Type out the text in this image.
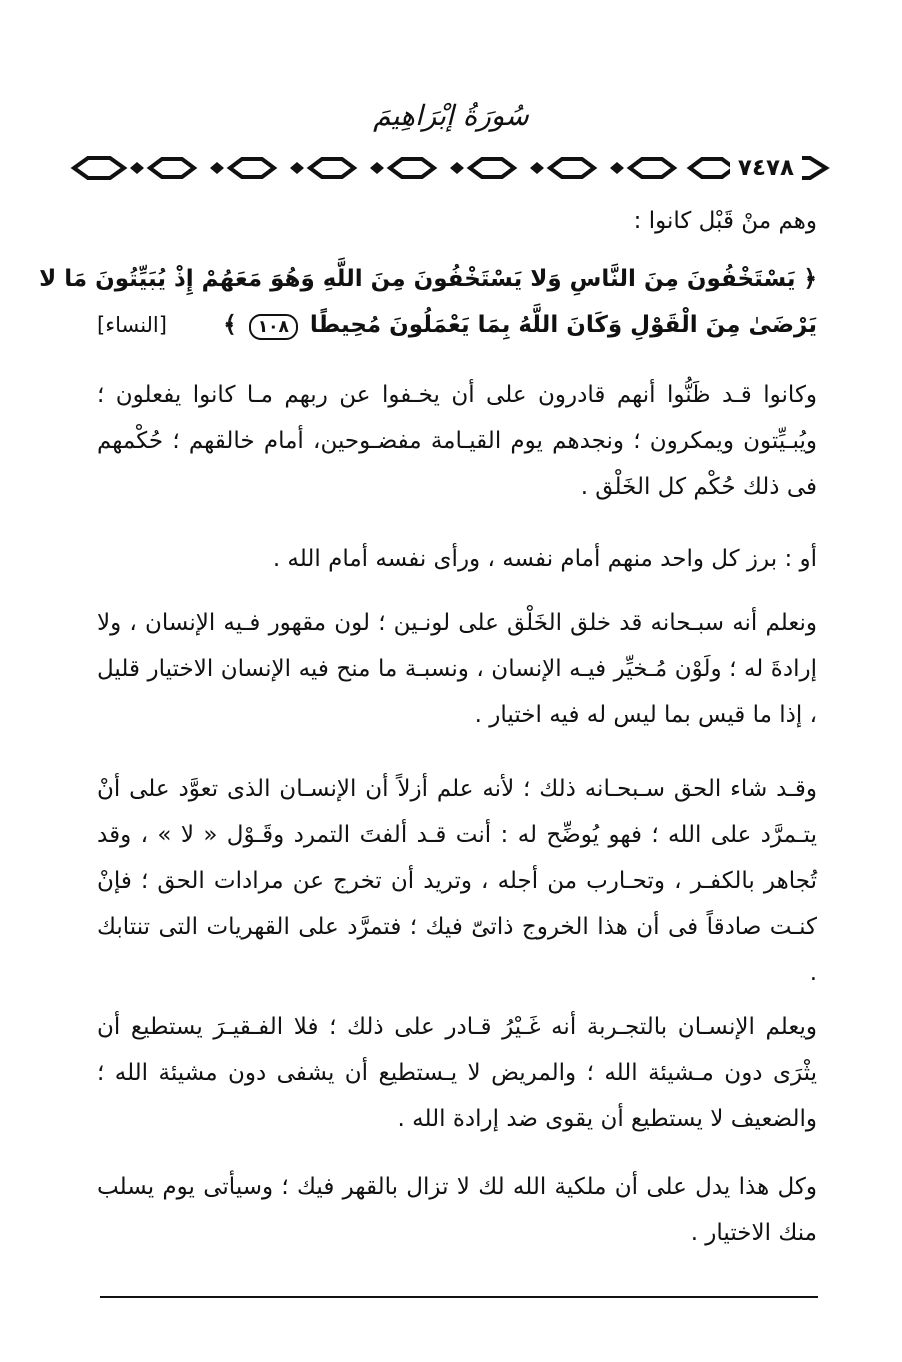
سُورَةُ إبْرَاهِيمَ
٧٤٧٨

وهم منْ قَبْل كانوا :

﴿ يَسْتَخْفُونَ مِنَ النَّاسِ وَلا يَسْتَخْفُونَ مِنَ اللَّهِ وَهُوَ مَعَهُمْ إِذْ يُبَيِّتُونَ مَا لا
يَرْضَىٰ مِنَ الْقَوْلِ وَكَانَ اللَّهُ بِمَا يَعْمَلُونَ مُحِيطًا ١٠٨ ﴾
[النساء]

وكانوا قـد ظَنُّوا أنهم قادرون على أن يخـفوا عن ربهم مـا كانوا يفعلون ؛ ويُبـيِّتون ويمكرون ؛ ونجدهم يوم القيـامة مفضـوحين، أمام خالقهم ؛ حُكْمهم فى ذلك حُكْم كل الخَلْق .

أو : برز كل واحد منهم أمام نفسه ، ورأى نفسه أمام الله .

ونعلم أنه سبـحانه قد خلق الخَلْق على لونـين ؛ لون مقهور فـيه الإنسان ، ولا إرادةَ له ؛ ولَوْن مُـخيِّر فيـه الإنسان ، ونسبـة ما منح فيه الإنسان الاختيار قليل ، إذا ما قيس بما ليس له فيه اختيار .

وقـد شاء الحق سـبحـانه ذلك ؛ لأنه علم أزلاً أن الإنسـان الذى تعوَّد على أنْ يتـمرَّد على الله ؛ فهو يُوضِّح له : أنت قـد ألفتَ التمرد وقَـوْل « لا » ، وقد تُجاهر بالكفـر ، وتحـارب من أجله ، وتريد أن تخرج عن مرادات الحق ؛ فإنْ كنـت صادقاً فى أن هذا الخروج ذاتىّ فيك ؛ فتمرَّد على القهريات التى تنتابك .

ويعلم الإنسـان بالتجـربة أنه غَـيْرُ قـادر على ذلك ؛ فلا الفـقيـرَ يستطيع أن يثْرَى دون مـشيئة الله ؛ والمريض لا يـستطيع أن يشفى دون مشيئة الله ؛ والضعيف لا يستطيع أن يقوى ضد إرادة الله .

وكل هذا يدل على أن ملكية الله لك لا تزال بالقهر فيك ؛ وسيأتى يوم يسلب منك الاختيار .
